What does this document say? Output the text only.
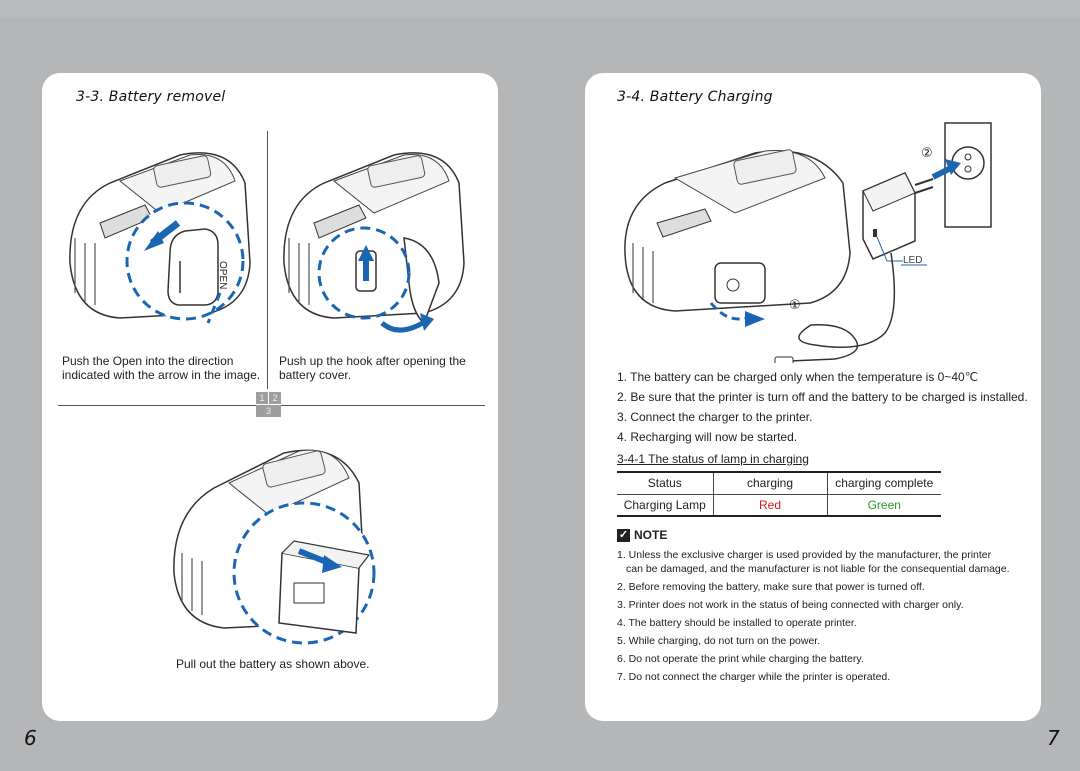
3-3. Battery removel
OPEN
Push the Open into the direction indicated with the arrow in the image.
Push up the hook after opening the battery cover.
1 2
3
Pull out the battery as shown above.
3-4. Battery Charging
②
LED
①
1. The battery can be charged only when the temperature is 0~40℃
2. Be sure that the printer is turn off and the battery to be charged is installed.
3. Connect the charger to the printer.
4. Recharging will now be started.
3-4-1 The status of lamp in charging
Status	charging	charging complete
Charging Lamp	Red	Green
✓ NOTE
1. Unless the exclusive charger is used provided by the manufacturer, the printer
can be damaged, and the manufacturer is not liable for the consequential damage.
2. Before removing the battery, make sure that power is turned off.
3. Printer does not work in the status of being connected with charger only.
4. The battery should be installed to operate printer.
5. While charging, do not turn on the power.
6. Do not operate the print while charging the battery.
7. Do not connect the charger while the printer is operated.
6	7
